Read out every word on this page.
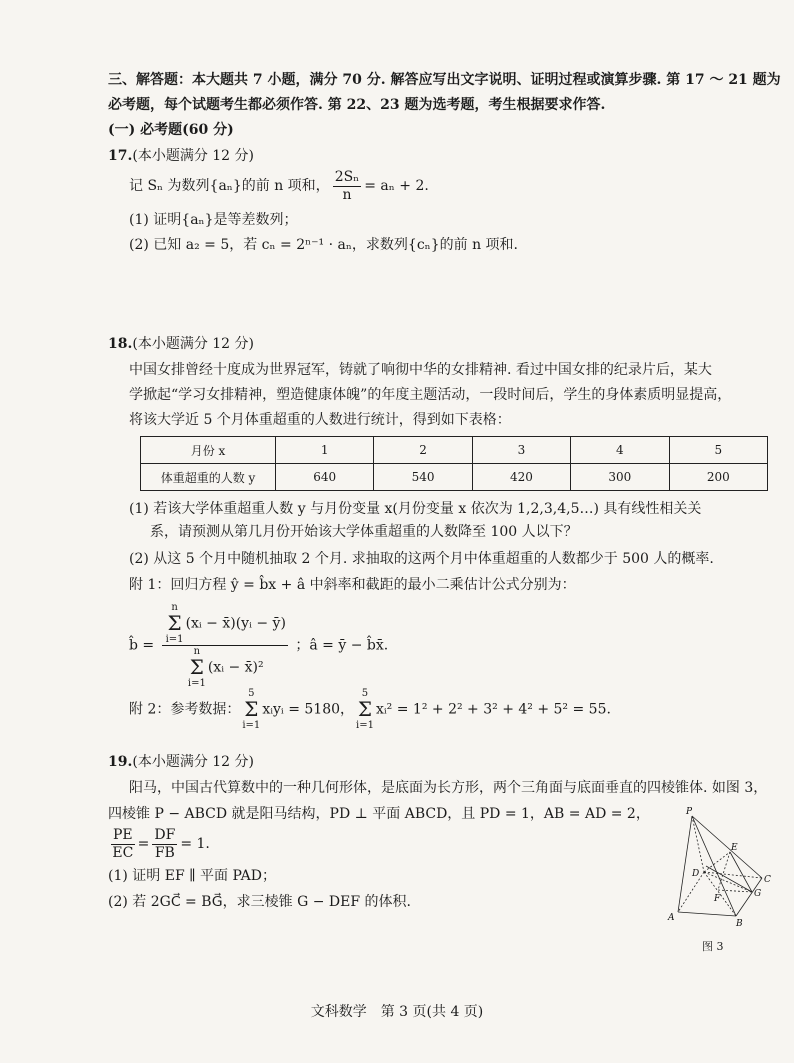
三、解答题：本大题共 7 小题，满分 70 分. 解答应写出文字说明、证明过程或演算步骤. 第 17 ～ 21 题为
必考题，每个试题考生都必须作答. 第 22、23 题为选考题，考生根据要求作答.
(一) 必考题(60 分)
17.(本小题满分 12 分)
记 Sₙ 为数列{aₙ}的前 n 项和， $\frac{\text{2Sₙ}}{n} = a_n + 2$.
(1) 证明{aₙ}是等差数列；
(2) 已知 a₂ = 5，若 cₙ = 2ⁿ⁻¹ · aₙ，求数列{cₙ}的前 n 项和.
18.(本小题满分 12 分)
中国女排曾经十度成为世界冠军，铸就了响彻中华的女排精神. 看过中国女排的纪录片后，某大
学掀起“学习女排精神，塑造健康体魄”的年度主题活动，一段时间后，学生的身体素质明显提高，
将该大学近 5 个月体重超重的人数进行统计，得到如下表格：
月份 x	1	2	3	4	5
体重超重的人数 y	640	540	420	300	200
(1) 若该大学体重超重人数 y 与月份变量 x(月份变量 x 依次为 1,2,3,4,5…) 具有线性相关关
系，请预测从第几月份开始该大学体重超重的人数降至 100 人以下？
(2) 从这 5 个月中随机抽取 2 个月. 求抽取的这两个月中体重超重的人数都少于 500 人的概率.
附 1：回归方程 ŷ = b̂x + â 中斜率和截距的最小二乘估计公式分别为：
b̂ =
n
Σ
i=1(xᵢ − x̄)(yᵢ − ȳ)
n
Σ
i=1(xᵢ − x̄)²
；â = ȳ − b̂x̄.
附 2：参考数据：5
Σ
i=1xᵢyᵢ = 5180，5
Σ
i=1xᵢ² = 1² + 2² + 3² + 4² + 5² = 55.
19.(本小题满分 12 分)
阳马，中国古代算数中的一种几何形体，是底面为长方形，两个三角面与底面垂直的四棱锥体. 如图 3，
四棱锥 P − ABCD 就是阳马结构，PD ⊥ 平面 ABCD，且 PD = 1，AB = AD = 2，
$\frac{PE}{EC} = \frac{DF}{FB} = 1$.
(1) 证明 EF ∥ 平面 PAD；
(2) 若 2GC⃗ = BG⃗，求三棱锥 G − DEF 的体积.
P
E
D
F
C
G
A
B
图 3
文科数学　第 3 页(共 4 页)
